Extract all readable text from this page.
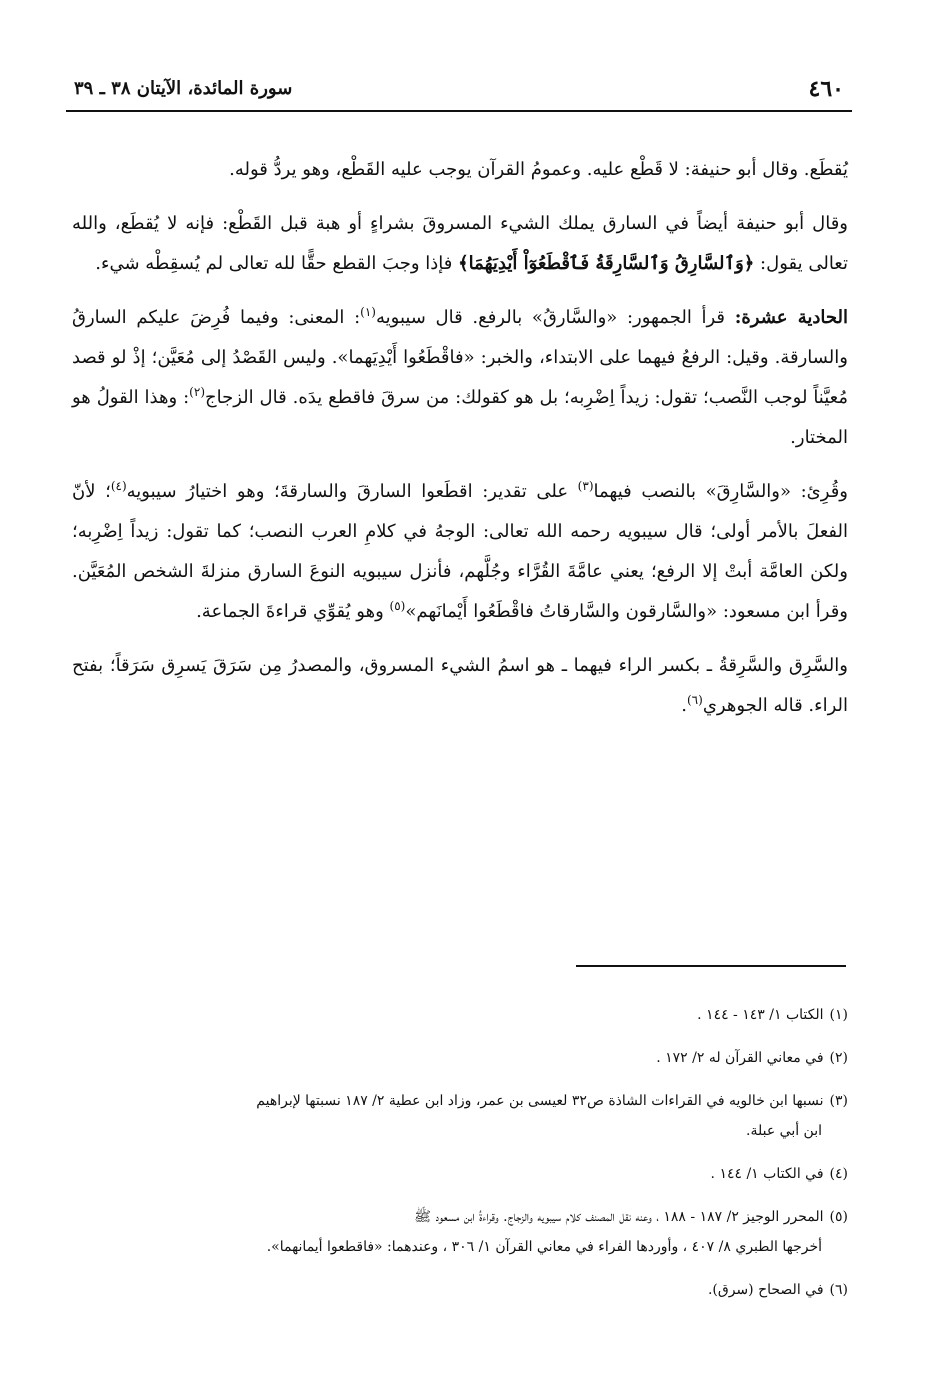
٤٦٠
سورة المائدة، الآيتان ٣٨ ـ ٣٩

يُقطَع. وقال أبو حنيفة: لا قَطْع عليه. وعمومُ القرآن يوجب عليه القَطْع، وهو يردُّ قوله.

وقال أبو حنيفة أيضاً في السارق يملك الشيء المسروقَ بشراءٍ أو هبة قبل القَطْع: فإنه لا يُقطَع، والله تعالى يقول: ﴿وَٱلسَّارِقُ وَٱلسَّارِقَةُ فَٱقْطَعُوٓاْ أَيْدِيَهُمَا﴾ فإذا وجبَ القطع حقًّا لله تعالى لم يُسقِطْه شيء.

الحادية عشرة: قرأ الجمهور: «والسَّارقُ» بالرفع. قال سيبويه$^{(١)}$: المعنى: وفيما فُرِضَ عليكم السارقُ والسارقة. وقيل: الرفعُ فيهما على الابتداء، والخبر: «فاقْطَعُوا أَيْدِيَهما». وليس القَصْدُ إلى مُعَيَّن؛ إذْ لو قصد مُعيَّناً لوجب النَّصب؛ تقول: زيداً اِضْرِبه؛ بل هو كقولك: من سرقَ فاقطع يدَه. قال الزجاج$^{(٢)}$: وهذا القولُ هو المختار.

وقُرِئ: «والسَّارِقَ» بالنصب فيهما$^{(٣)}$ على تقدير: اقطَعوا السارقَ والسارقةَ؛ وهو اختيارُ سيبويه$^{(٤)}$؛ لأنّ الفعلَ بالأمر أولى؛ قال سيبويه رحمه الله تعالى: الوجهُ في كلامِ العرب النصب؛ كما تقول: زيداً اِضْرِبه؛ ولكن العامَّة أبتْ إلا الرفع؛ يعني عامَّةَ القُرَّاء وجُلَّهم، فأنزل سيبويه النوعَ السارق منزلةَ الشخص المُعَيَّن. وقرأ ابن مسعود: «والسَّارقون والسَّارقاتُ فاقْطَعُوا أَيْمانَهم»$^{(٥)}$ وهو يُقوِّي قراءةَ الجماعة.

والسَّرِق والسَّرِقةُ ـ بكسر الراء فيهما ـ هو اسمُ الشيء المسروق، والمصدرُ مِن سَرَقَ يَسرِق سَرَقاً؛ بفتح الراء. قاله الجوهري$^{(٦)}$.

(١)الكتاب ١/ ١٤٣ - ١٤٤ .

(٢)في معاني القرآن له ٢/ ١٧٢ .

(٣)نسبها ابن خالويه في القراءات الشاذة ص٣٢ لعيسى بن عمر، وزاد ابن عطية ٢/ ١٨٧ نسبتها لإبراهيم
ابن أبي عبلة.

(٤)في الكتاب ١/ ١٤٤ .

(٥)المحرر الوجيز ٢/ ١٨٧ - ١٨٨ ، وعنه نقل المصنف كلام سيبويه والزجاج. وقراءةُ ابن مسعود ﷺ
أخرجها الطبري ٨/ ٤٠٧ ، وأوردها الفراء في معاني القرآن ١/ ٣٠٦ ، وعندهما: «فاقطعوا أيمانهما».

(٦)في الصحاح (سرق).
